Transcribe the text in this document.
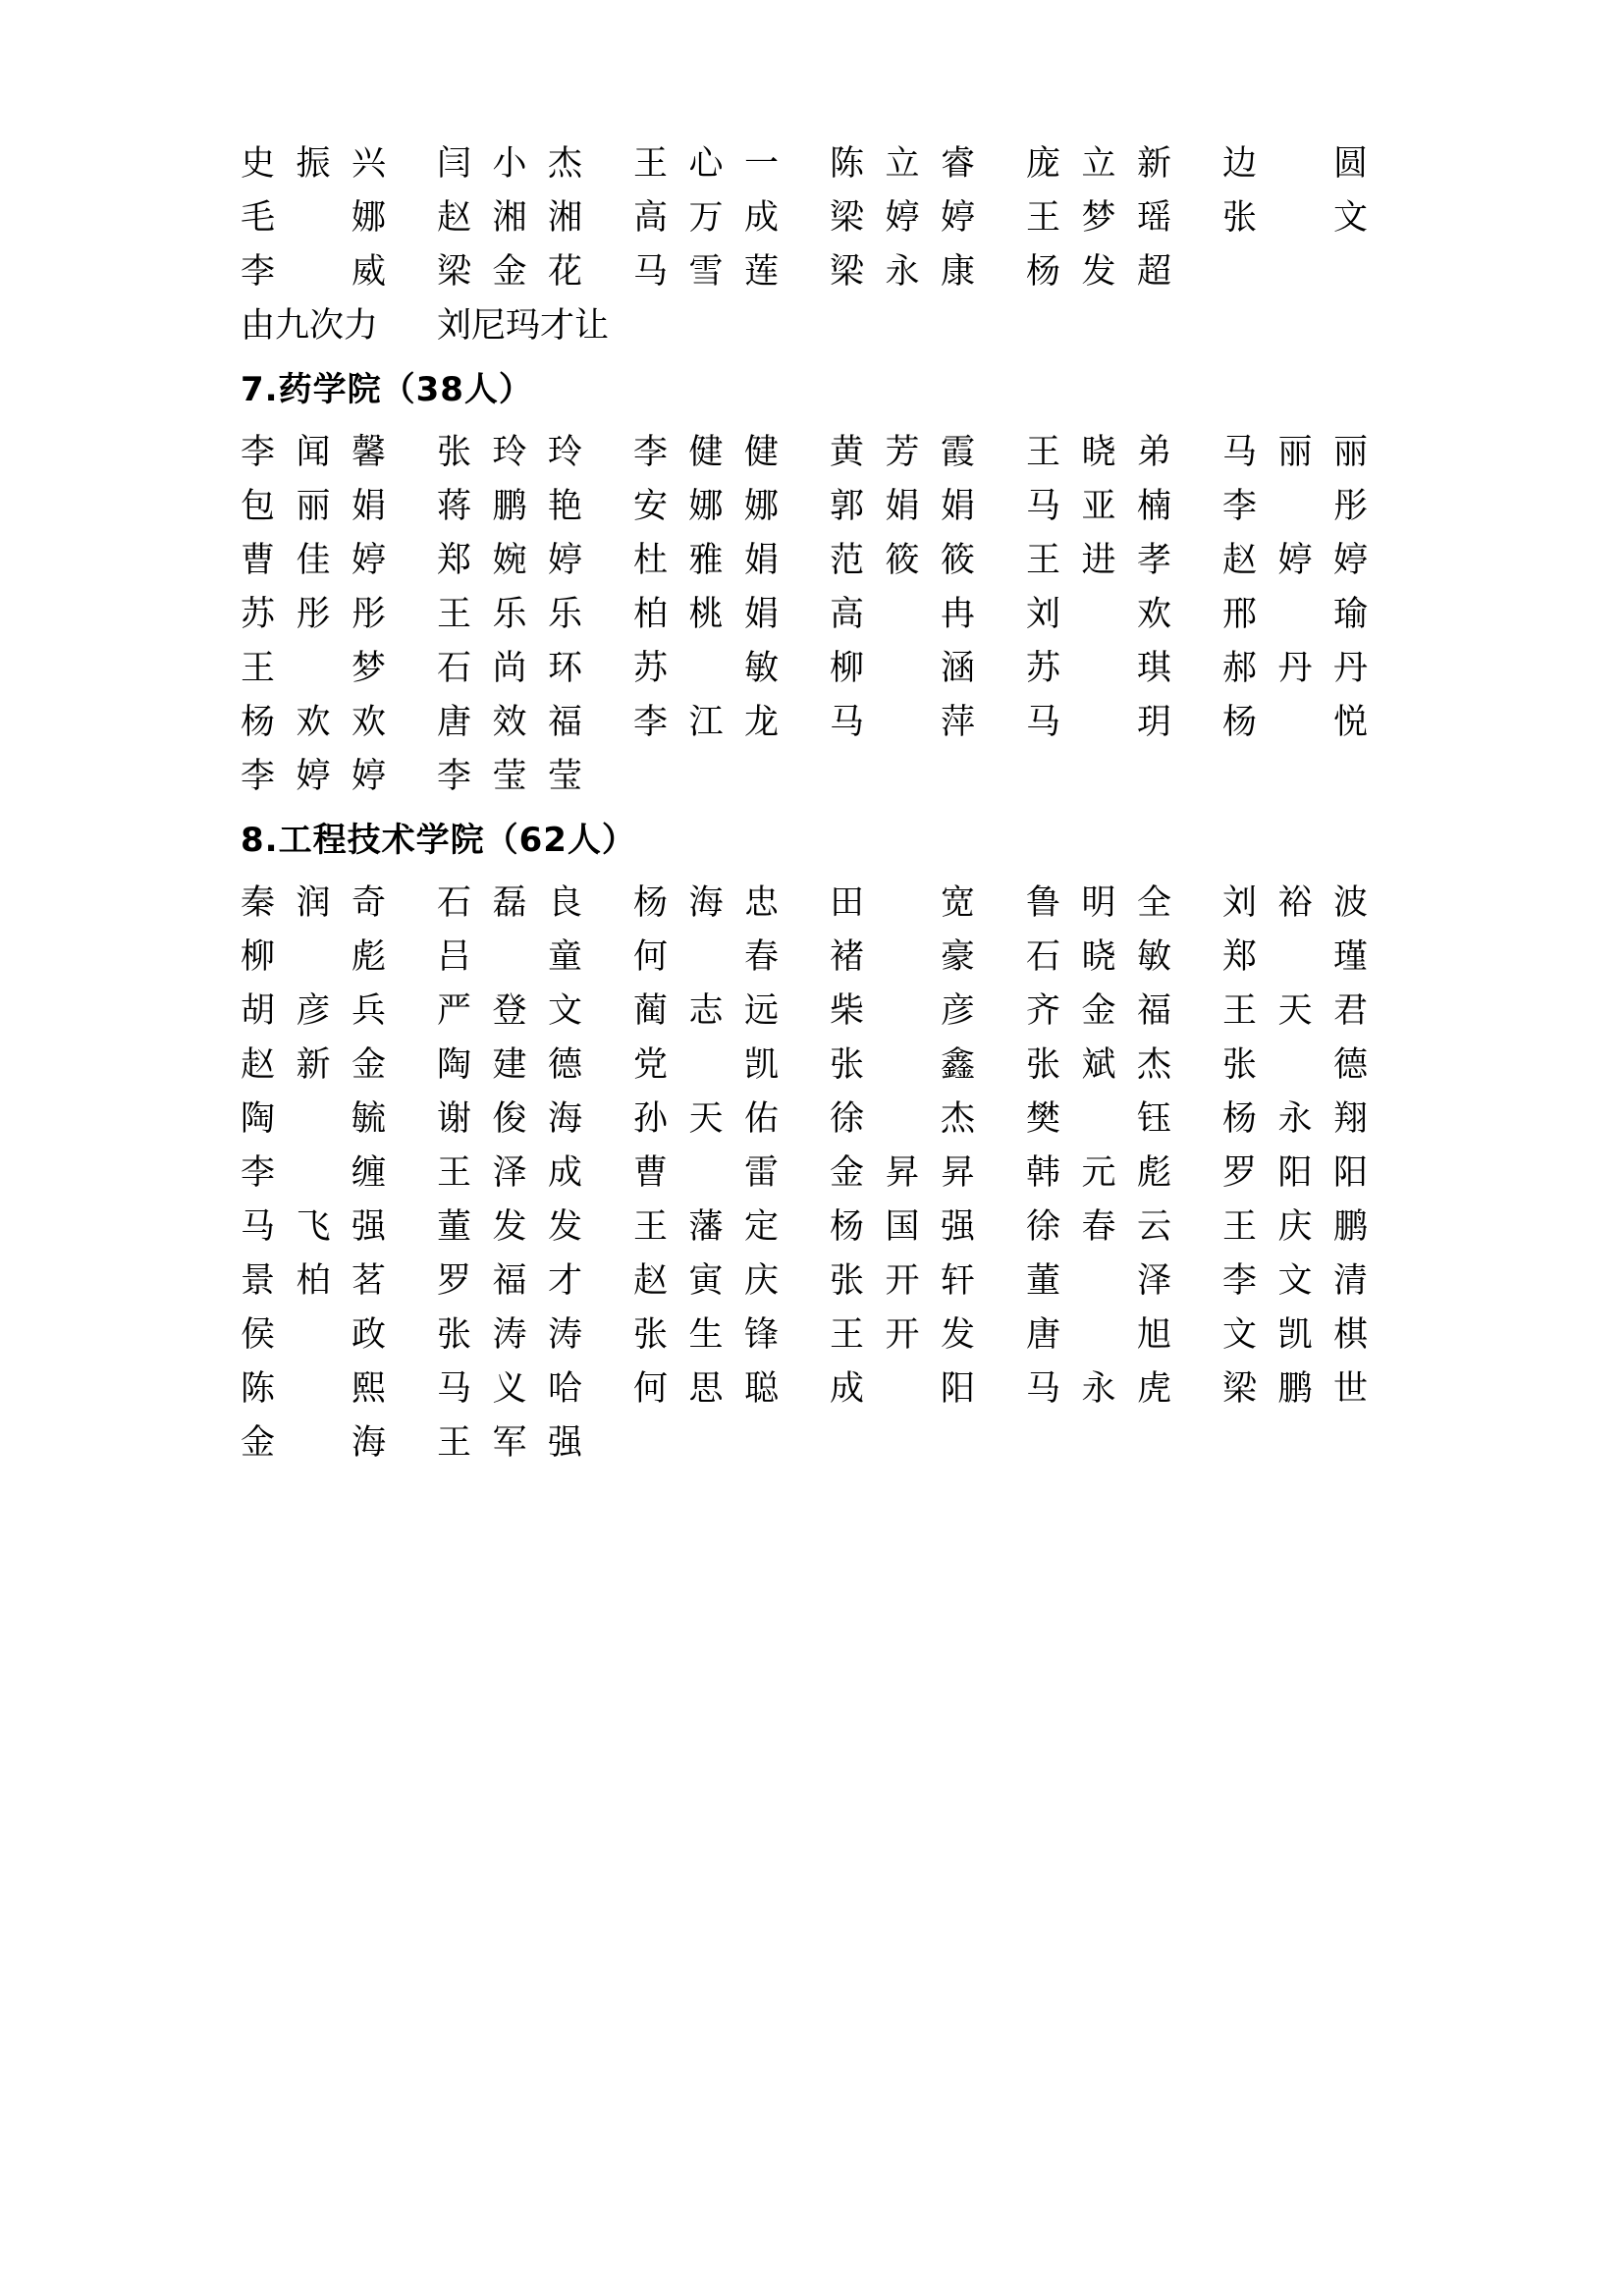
史振兴	闫小杰	王心一	陈立睿	庞立新	边圆
毛娜	赵湘湘	高万成	梁婷婷	王梦瑶	张文
李威	梁金花	马雪莲	梁永康	杨发超
由九次力	刘尼玛才让
7.药学院（38人）
李闻馨	张玲玲	李健健	黄芳霞	王晓弟	马丽丽
包丽娟	蒋鹏艳	安娜娜	郭娟娟	马亚楠	李彤
曹佳婷	郑婉婷	杜雅娟	范筱筱	王进孝	赵婷婷
苏彤彤	王乐乐	柏桃娟	高冉	刘欢	邢瑜
王梦	石尚环	苏敏	柳涵	苏琪	郝丹丹
杨欢欢	唐效福	李江龙	马萍	马玥	杨悦
李婷婷	李莹莹
8.工程技术学院（62人）
秦润奇	石磊良	杨海忠	田宽	鲁明全	刘裕波
柳彪	吕童	何春	褚豪	石晓敏	郑瑾
胡彦兵	严登文	蔺志远	柴彦	齐金福	王天君
赵新金	陶建德	党凯	张鑫	张斌杰	张德
陶毓	谢俊海	孙天佑	徐杰	樊钰	杨永翔
李缠	王泽成	曹雷	金昇昇	韩元彪	罗阳阳
马飞强	董发发	王藩定	杨国强	徐春云	王庆鹏
景柏茗	罗福才	赵寅庆	张开轩	董泽	李文清
侯政	张涛涛	张生锋	王开发	唐旭	文凯棋
陈熙	马义哈	何思聪	成阳	马永虎	梁鹏世
金海	王军强
